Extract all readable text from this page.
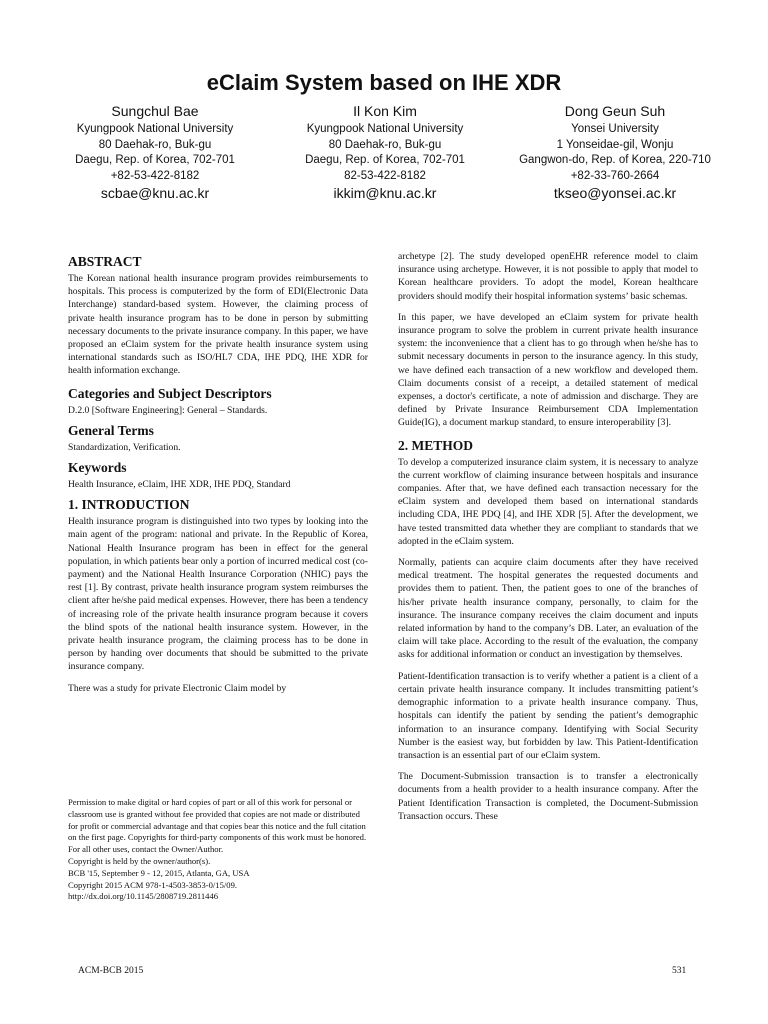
eClaim System based on IHE XDR
Sungchul Bae
Kyungpook National University
80 Daehak-ro, Buk-gu
Daegu, Rep. of Korea, 702-701
+82-53-422-8182
scbae@knu.ac.kr
Il Kon Kim
Kyungpook National University
80 Daehak-ro, Buk-gu
Daegu, Rep. of Korea, 702-701
82-53-422-8182
ikkim@knu.ac.kr
Dong Geun Suh
Yonsei University
1 Yonseidae-gil, Wonju
Gangwon-do, Rep. of Korea, 220-710
+82-33-760-2664
tkseo@yonsei.ac.kr
ABSTRACT

The Korean national health insurance program provides reimbursements to hospitals. This process is computerized by the form of EDI(Electronic Data Interchange) standard-based system. However, the claiming process of private health insurance program has to be done in person by submitting necessary documents to the private insurance company. In this paper, we have proposed an eClaim system for the private health insurance system using international standards such as ISO/HL7 CDA, IHE PDQ, IHE XDR for health information exchange.

Categories and Subject Descriptors

D.2.0 [Software Engineering]: General – Standards.

General Terms

Standardization, Verification.

Keywords

Health Insurance, eClaim, IHE XDR, IHE PDQ, Standard

1. INTRODUCTION

Health insurance program is distinguished into two types by looking into the main agent of the program: national and private. In the Republic of Korea, National Health Insurance program has been in effect for the general population, in which patients bear only a portion of incurred medical cost (co-payment) and the National Health Insurance Corporation (NHIC) pays the rest [1]. By contrast, private health insurance program system reimburses the client after he/she paid medical expenses. However, there has been a tendency of increasing role of the private health insurance program because it covers the blind spots of the national health insurance system. However, in the private health insurance program, the claiming process has to be done in person by handing over documents that should be submitted to the private insurance company.

There was a study for private Electronic Claim model by

Permission to make digital or hard copies of part or all of this work for personal or classroom use is granted without fee provided that copies are not made or distributed for profit or commercial advantage and that copies bear this notice and the full citation on the first page. Copyrights for third-party components of this work must be honored. For all other uses, contact the Owner/Author.

Copyright is held by the owner/author(s).

BCB '15, September 9 - 12, 2015, Atlanta, GA, USA

Copyright 2015 ACM 978-1-4503-3853-0/15/09.

http://dx.doi.org/10.1145/2808719.2811446

archetype [2]. The study developed openEHR reference model to claim insurance using archetype. However, it is not possible to apply that model to Korean healthcare providers. To adopt the model, Korean healthcare providers should modify their hospital information systems’ basic schemas.

In this paper, we have developed an eClaim system for private health insurance program to solve the problem in current private health insurance system: the inconvenience that a client has to go through when he/she has to submit necessary documents in person to the insurance agency. In this study, we have defined each transaction of a new workflow and developed them. Claim documents consist of a receipt, a detailed statement of medical expenses, a doctor's certificate, a note of admission and discharge. They are defined by Private Insurance Reimbursement CDA Implementation Guide(IG), a document markup standard, to ensure interoperability [3].

2. METHOD

To develop a computerized insurance claim system, it is necessary to analyze the current workflow of claiming insurance between hospitals and insurance companies. After that, we have defined each transaction necessary for the eClaim system and developed them based on international standards including CDA, IHE PDQ [4], and IHE XDR [5]. After the development, we have tested transmitted data whether they are compliant to standards that we adopted in the eClaim system.

Normally, patients can acquire claim documents after they have received medical treatment. The hospital generates the requested documents and provides them to patient. Then, the patient goes to one of the branches of his/her private health insurance company, personally, to claim for the insurance. The insurance company receives the claim document and inputs related information by hand to the company’s DB. Later, an evaluation of the claim will take place. According to the result of the evaluation, the company asks for additional information or conduct an investigation by themselves.

Patient-Identification transaction is to verify whether a patient is a client of a certain private health insurance company. It includes transmitting patient’s demographic information to a private health insurance company. Thus, hospitals can identify the patient by sending the patient’s demographic information to an insurance company. Identifying with Social Security Number is the easiest way, but forbidden by law. This Patient-Identification transaction is an essential part of our eClaim system.

The Document-Submission transaction is to transfer a electronically documents from a health provider to a health insurance company. After the Patient Identification Transaction is completed, the Document-Submission Transaction occurs. These

ACM-BCB 2015	531
